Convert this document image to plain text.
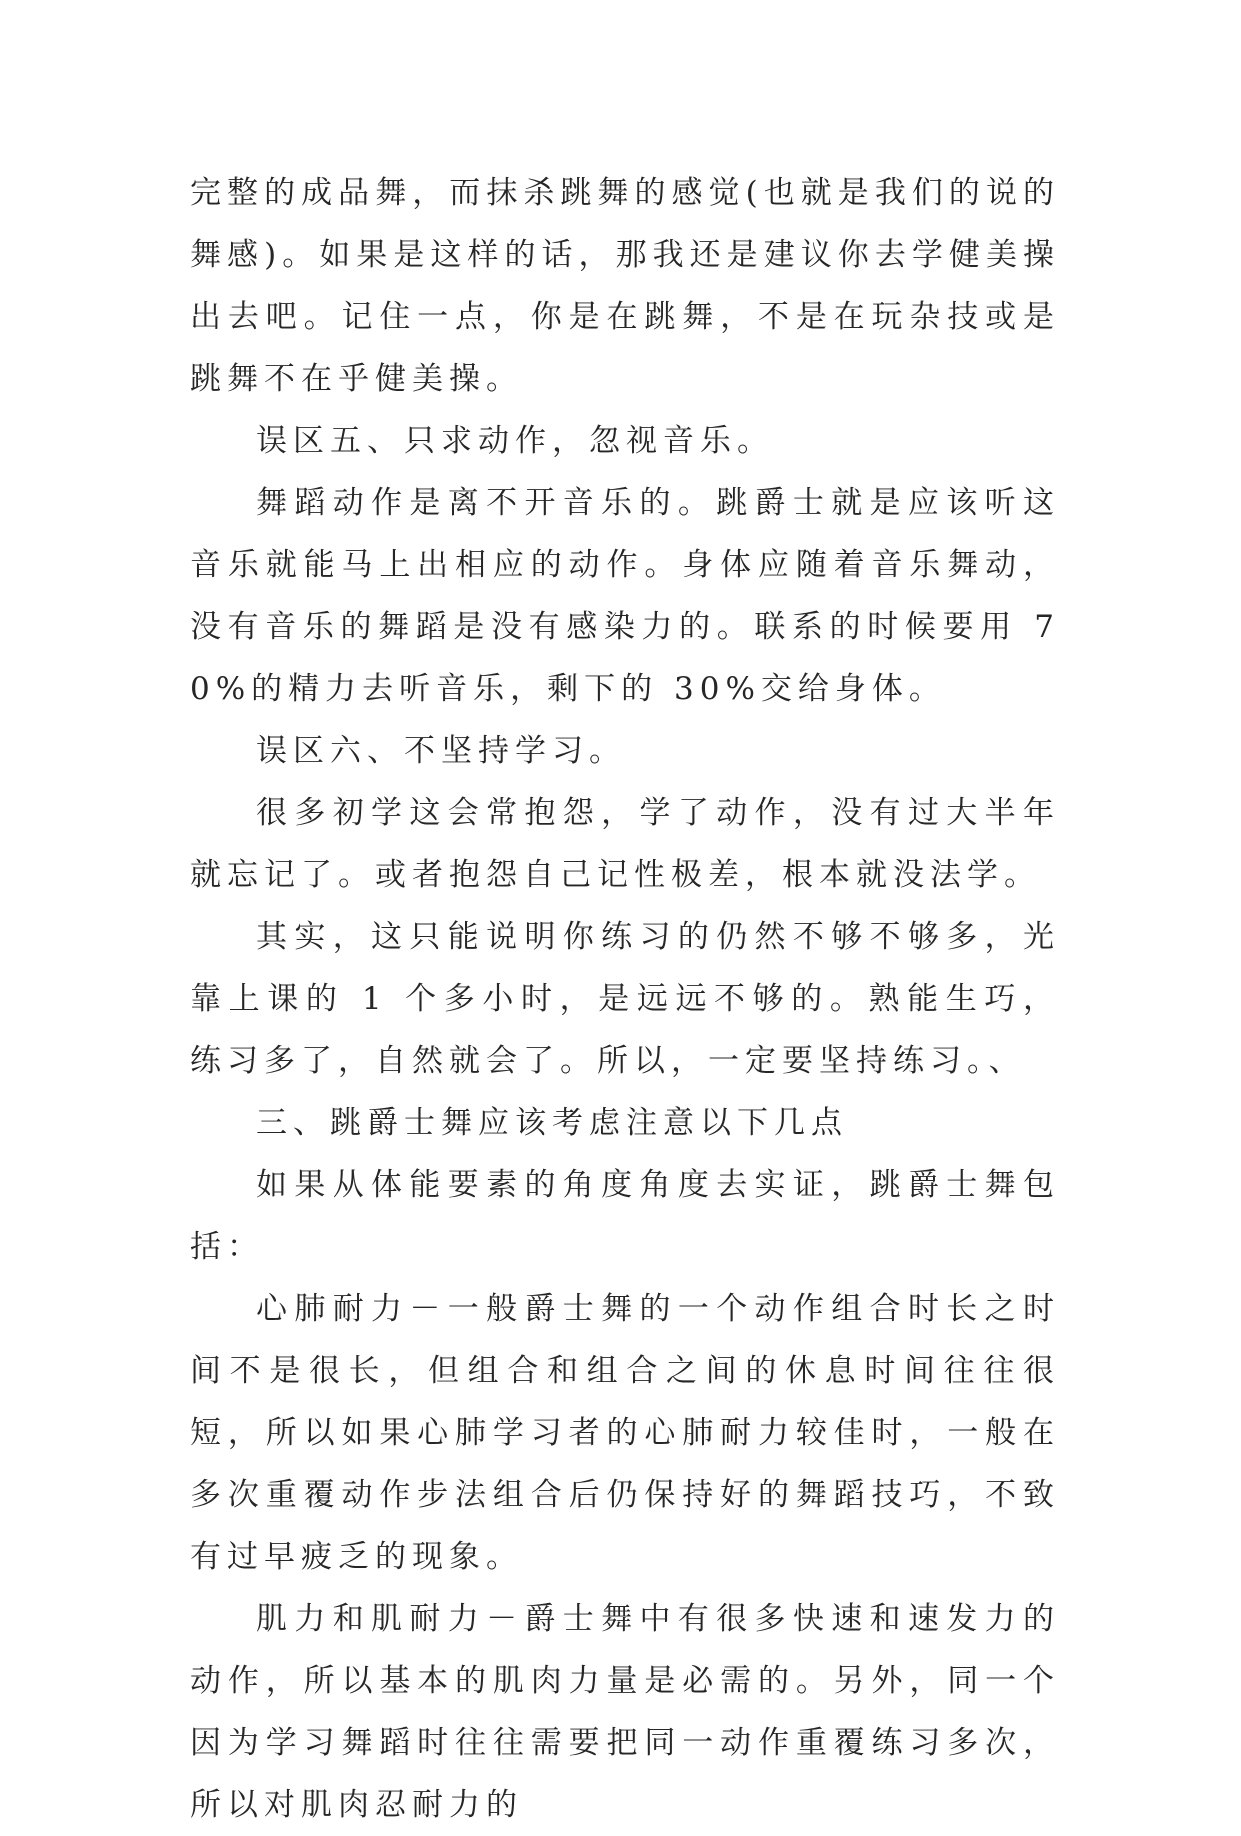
完整的成品舞，而抹杀跳舞的感觉(也就是我们的说的舞感)。如果是这样的话，那我还是建议你去学健美操出去吧。记住一点，你是在跳舞，不是在玩杂技或是跳舞不在乎健美操。

误区五、只求动作，忽视音乐。

舞蹈动作是离不开音乐的。跳爵士就是应该听这音乐就能马上出相应的动作。身体应随着音乐舞动，没有音乐的舞蹈是没有感染力的。联系的时候要用 70%的精力去听音乐，剩下的 30%交给身体。

误区六、不坚持学习。

很多初学这会常抱怨，学了动作，没有过大半年就忘记了。或者抱怨自己记性极差，根本就没法学。

其实，这只能说明你练习的仍然不够不够多，光靠上课的 1 个多小时，是远远不够的。熟能生巧，练习多了，自然就会了。所以，一定要坚持练习。、

三、跳爵士舞应该考虑注意以下几点

如果从体能要素的角度角度去实证，跳爵士舞包括：

心肺耐力－一般爵士舞的一个动作组合时长之时间不是很长，但组合和组合之间的休息时间往往很短，所以如果心肺学习者的心肺耐力较佳时，一般在多次重覆动作步法组合后仍保持好的舞蹈技巧，不致有过早疲乏的现象。

肌力和肌耐力－爵士舞中有很多快速和速发力的动作，所以基本的肌肉力量是必需的。另外，同一个因为学习舞蹈时往往需要把同一动作重覆练习多次，所以对肌肉忍耐力的
